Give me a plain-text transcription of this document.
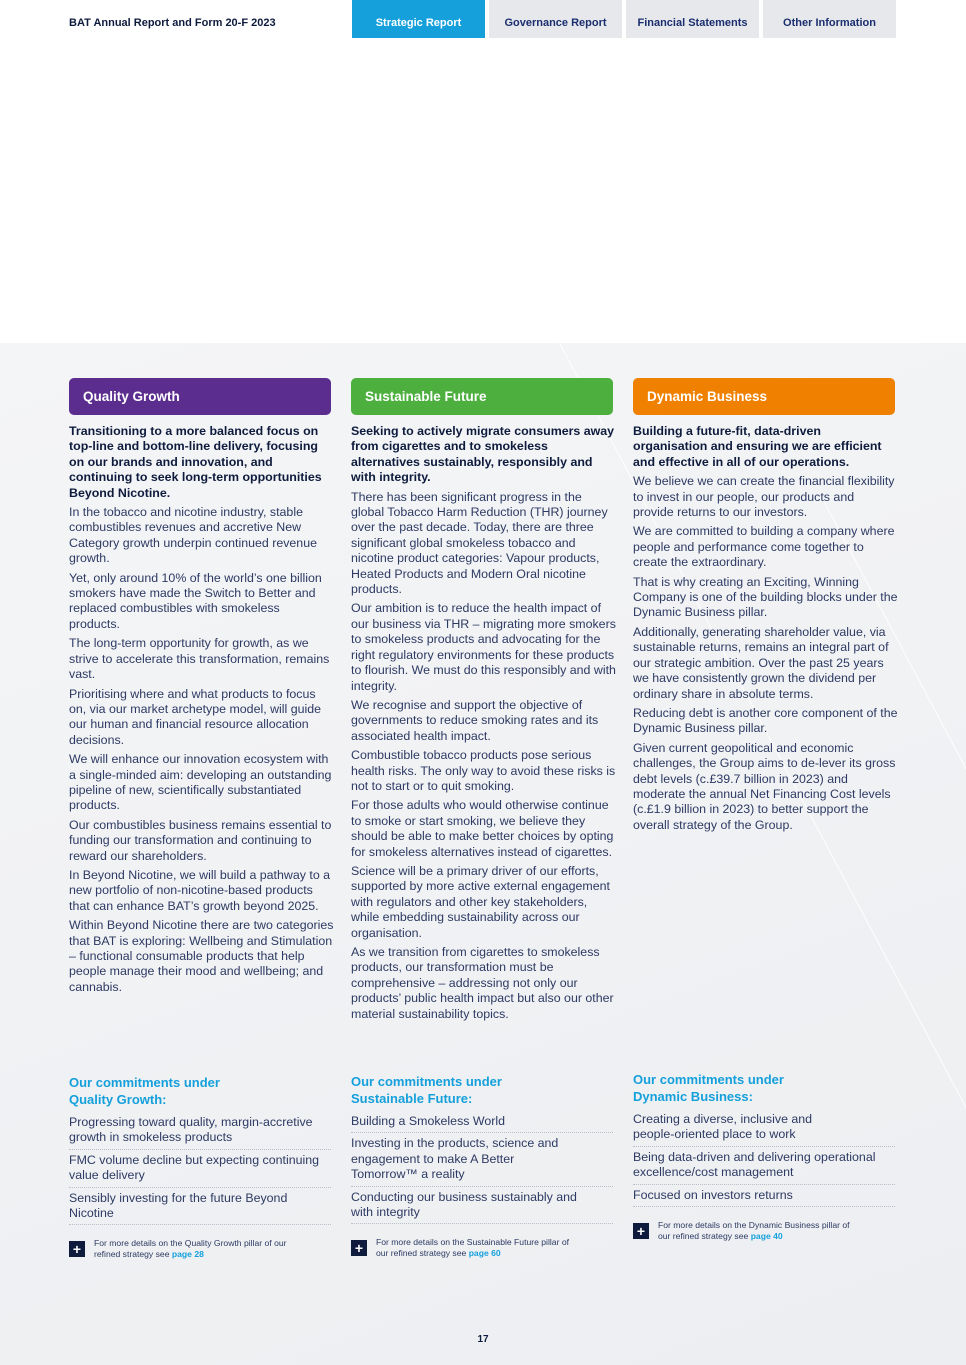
BAT Annual Report and Form 20-F 2023	Strategic Report	Governance Report	Financial Statements	Other Information
Quality Growth
Transitioning to a more balanced focus on top-line and bottom-line delivery, focusing on our brands and innovation, and continuing to seek long-term opportunities Beyond Nicotine.

In the tobacco and nicotine industry, stable combustibles revenues and accretive New Category growth underpin continued revenue growth.

Yet, only around 10% of the world’s one billion smokers have made the Switch to Better and replaced combustibles with smokeless products.

The long-term opportunity for growth, as we strive to accelerate this transformation, remains vast.

Prioritising where and what products to focus on, via our market archetype model, will guide our human and financial resource allocation decisions.

We will enhance our innovation ecosystem with a single-minded aim: developing an outstanding pipeline of new, scientifically substantiated products.

Our combustibles business remains essential to funding our transformation and continuing to reward our shareholders.

In Beyond Nicotine, we will build a pathway to a new portfolio of non-nicotine-based products that can enhance BAT’s growth beyond 2025.

Within Beyond Nicotine there are two categories that BAT is exploring: Wellbeing and Stimulation – functional consumable products that help people manage their mood and wellbeing; and cannabis.

Sustainable Future
Seeking to actively migrate consumers away from cigarettes and to smokeless alternatives sustainably, responsibly and with integrity.

There has been significant progress in the global Tobacco Harm Reduction (THR) journey over the past decade. Today, there are three significant global smokeless tobacco and nicotine product categories: Vapour products, Heated Products and Modern Oral nicotine products.

Our ambition is to reduce the health impact of our business via THR – migrating more smokers to smokeless products and advocating for the right regulatory environments for these products to flourish. We must do this responsibly and with integrity.

We recognise and support the objective of governments to reduce smoking rates and its associated health impact.

Combustible tobacco products pose serious health risks. The only way to avoid these risks is not to start or to quit smoking.

For those adults who would otherwise continue to smoke or start smoking, we believe they should be able to make better choices by opting for smokeless alternatives instead of cigarettes.

Science will be a primary driver of our efforts, supported by more active external engagement with regulators and other key stakeholders, while embedding sustainability across our organisation.

As we transition from cigarettes to smokeless products, our transformation must be comprehensive – addressing not only our products’ public health impact but also our other material sustainability topics.

Dynamic Business
Building a future-fit, data-driven organisation and ensuring we are efficient and effective in all of our operations.

We believe we can create the financial flexibility to invest in our people, our products and provide returns to our investors.

We are committed to building a company where people and performance come together to create the extraordinary.

That is why creating an Exciting, Winning Company is one of the building blocks under the Dynamic Business pillar.

Additionally, generating shareholder value, via sustainable returns, remains an integral part of our strategic ambition. Over the past 25 years we have consistently grown the dividend per ordinary share in absolute terms.

Reducing debt is another core component of the Dynamic Business pillar.

Given current geopolitical and economic challenges, the Group aims to de-lever its gross debt levels (c.£39.7 billion in 2023) and moderate the annual Net Financing Cost levels (c.£1.9 billion in 2023) to better support the overall strategy of the Group.

Our commitments under Quality Growth:
Progressing toward quality, margin-accretive growth in smokeless products
FMC volume decline but expecting continuing value delivery
Sensibly investing for the future Beyond Nicotine
+	For more details on the Quality Growth pillar of our refined strategy see page 28
Our commitments under Sustainable Future:
Building a Smokeless World
Investing in the products, science and engagement to make A Better Tomorrow™ a reality
Conducting our business sustainably and with integrity
+	For more details on the Sustainable Future pillar of our refined strategy see page 60
Our commitments under Dynamic Business:
Creating a diverse, inclusive and people-oriented place to work
Being data-driven and delivering operational excellence/cost management
Focused on investors returns
+	For more details on the Dynamic Business pillar of our refined strategy see page 40
17
